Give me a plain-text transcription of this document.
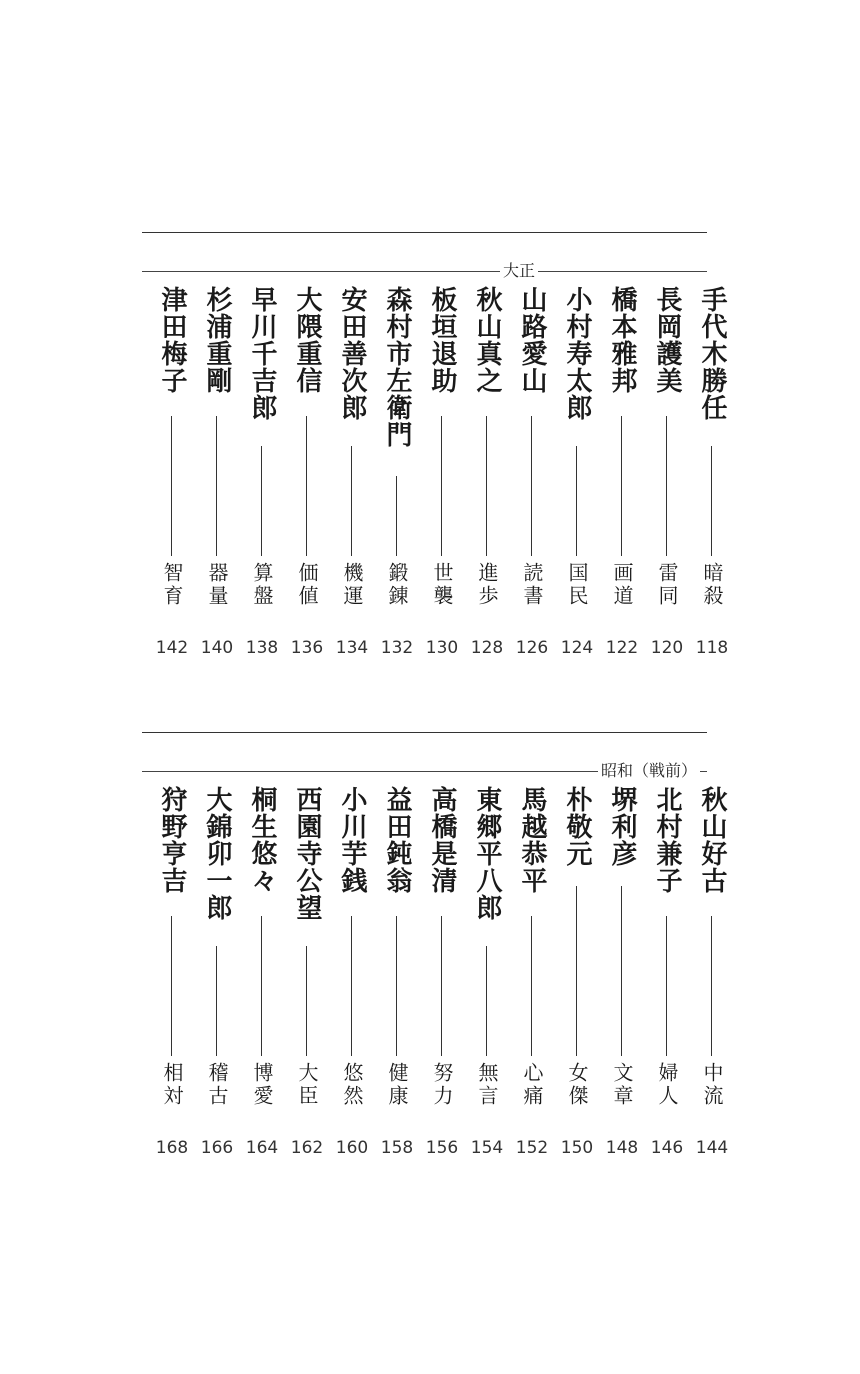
大正
手代木勝任
暗殺
118
長岡護美
雷同
120
橋本雅邦
画道
122
小村寿太郎
国民
124
山路愛山
読書
126
秋山真之
進歩
128
板垣退助
世襲
130
森村市左衛門
鍛錬
132
安田善次郎
機運
134
大隈重信
価値
136
早川千吉郎
算盤
138
杉浦重剛
器量
140
津田梅子
智育
142
昭和（戦前）
秋山好古
中流
144
北村兼子
婦人
146
堺利彦
文章
148
朴敬元
女傑
150
馬越恭平
心痛
152
東郷平八郎
無言
154
高橋是清
努力
156
益田鈍翁
健康
158
小川芋銭
悠然
160
西園寺公望
大臣
162
桐生悠々
博愛
164
大錦卯一郎
稽古
166
狩野亨吉
相対
168
